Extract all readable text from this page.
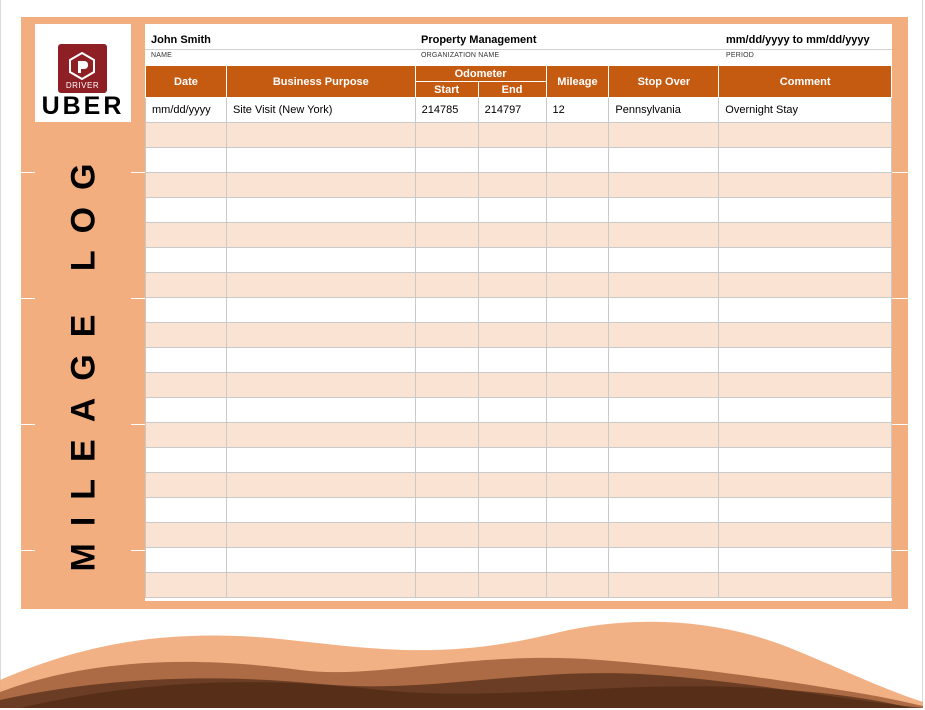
DRIVER
UBER
MILEAGE LOG
John Smith
NAME
Property Management
ORGANIZATION NAME
mm/dd/yyyy to mm/dd/yyyy
PERIOD
Date	Business Purpose	Odometer		Mileage	Stop Over	Comment
		Start	End			
mm/dd/yyyy	Site Visit (New York)	214785	214797	12	Pennsylvania	Overnight Stay
